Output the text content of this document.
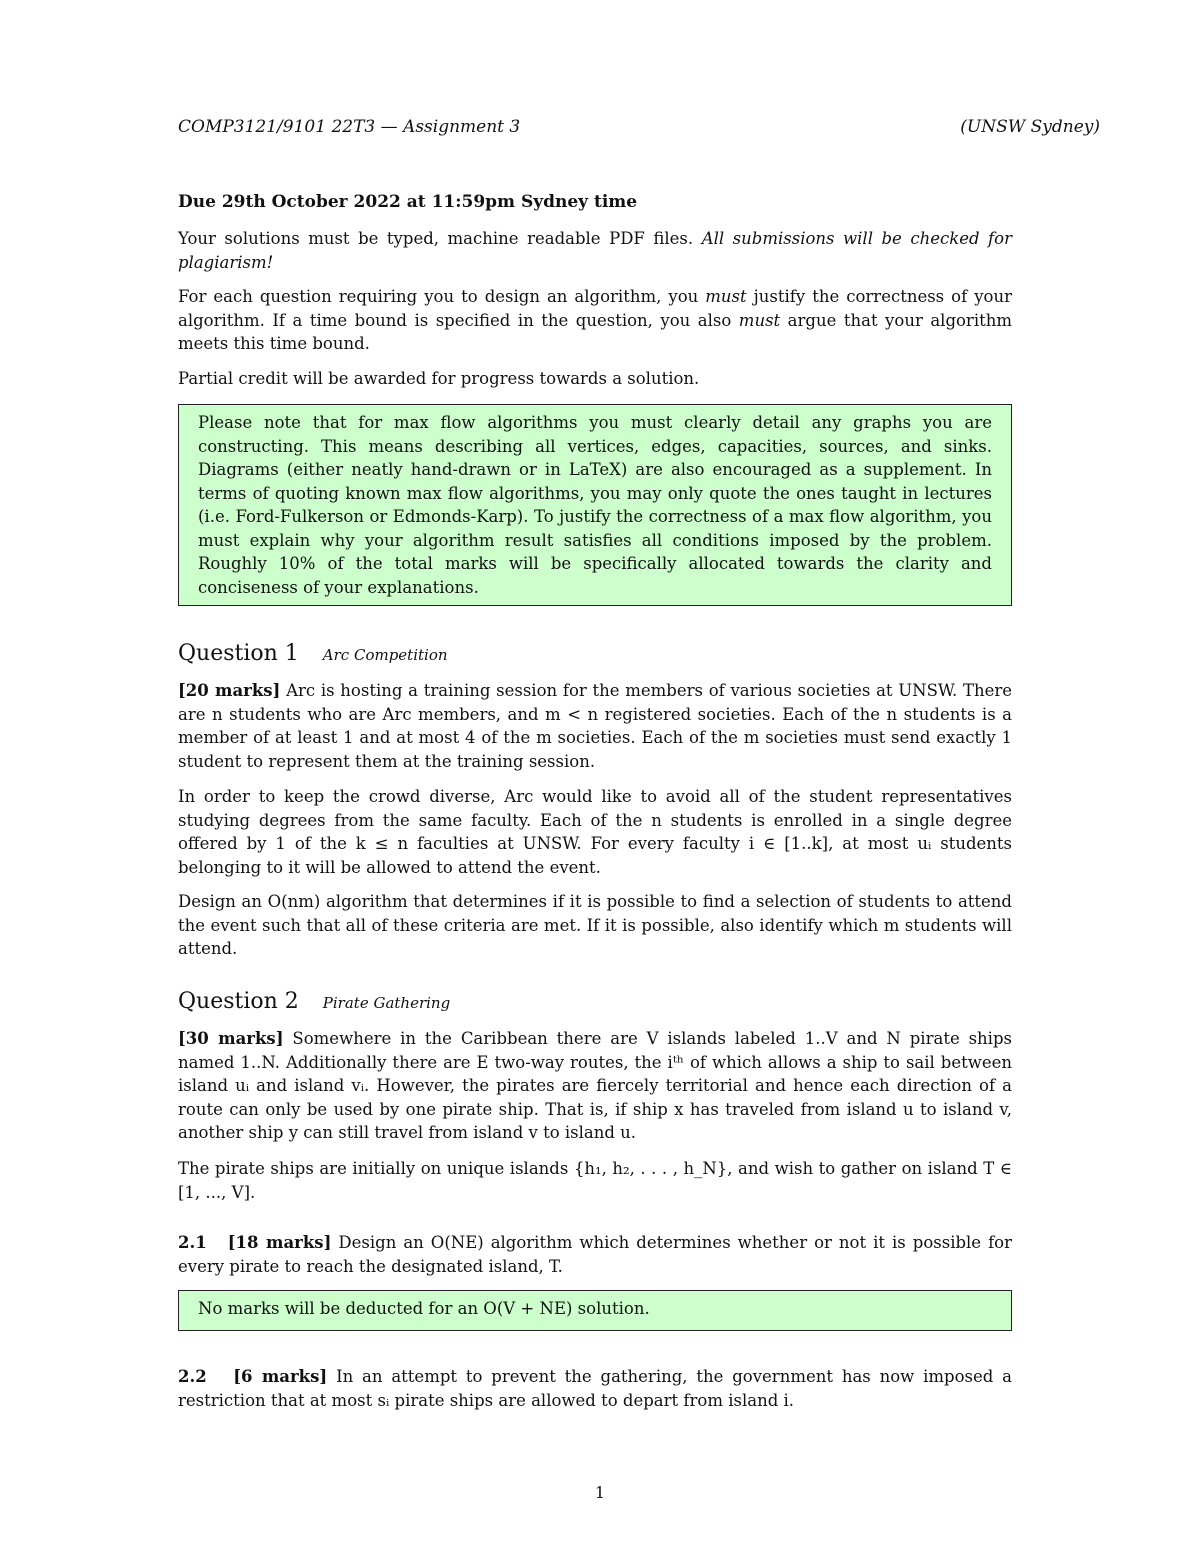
COMP3121/9101 22T3 — Assignment 3	(UNSW Sydney)
Due 29th October 2022 at 11:59pm Sydney time
Your solutions must be typed, machine readable PDF files. All submissions will be checked for plagiarism!
For each question requiring you to design an algorithm, you must justify the correctness of your algorithm. If a time bound is specified in the question, you also must argue that your algorithm meets this time bound.
Partial credit will be awarded for progress towards a solution.
Please note that for max flow algorithms you must clearly detail any graphs you are constructing. This means describing all vertices, edges, capacities, sources, and sinks. Diagrams (either neatly hand-drawn or in LaTeX) are also encouraged as a supplement. In terms of quoting known max flow algorithms, you may only quote the ones taught in lectures (i.e. Ford-Fulkerson or Edmonds-Karp). To justify the correctness of a max flow algorithm, you must explain why your algorithm result satisfies all conditions imposed by the problem. Roughly 10% of the total marks will be specifically allocated towards the clarity and conciseness of your explanations.
Question 1 Arc Competition
[20 marks] Arc is hosting a training session for the members of various societies at UNSW. There are n students who are Arc members, and m < n registered societies. Each of the n students is a member of at least 1 and at most 4 of the m societies. Each of the m societies must send exactly 1 student to represent them at the training session.
In order to keep the crowd diverse, Arc would like to avoid all of the student representatives studying degrees from the same faculty. Each of the n students is enrolled in a single degree offered by 1 of the k ≤ n faculties at UNSW. For every faculty i ∈ [1..k], at most uᵢ students belonging to it will be allowed to attend the event.
Design an O(nm) algorithm that determines if it is possible to find a selection of students to attend the event such that all of these criteria are met. If it is possible, also identify which m students will attend.
Question 2 Pirate Gathering
[30 marks] Somewhere in the Caribbean there are V islands labeled 1..V and N pirate ships named 1..N. Additionally there are E two-way routes, the iᵗʰ of which allows a ship to sail between island uᵢ and island vᵢ. However, the pirates are fiercely territorial and hence each direction of a route can only be used by one pirate ship. That is, if ship x has traveled from island u to island v, another ship y can still travel from island v to island u.
The pirate ships are initially on unique islands {h₁, h₂, . . . , h_N}, and wish to gather on island T ∈ [1, ..., V].
2.1 [18 marks] Design an O(NE) algorithm which determines whether or not it is possible for every pirate to reach the designated island, T.
No marks will be deducted for an O(V + NE) solution.
2.2 [6 marks] In an attempt to prevent the gathering, the government has now imposed a restriction that at most sᵢ pirate ships are allowed to depart from island i.
1
